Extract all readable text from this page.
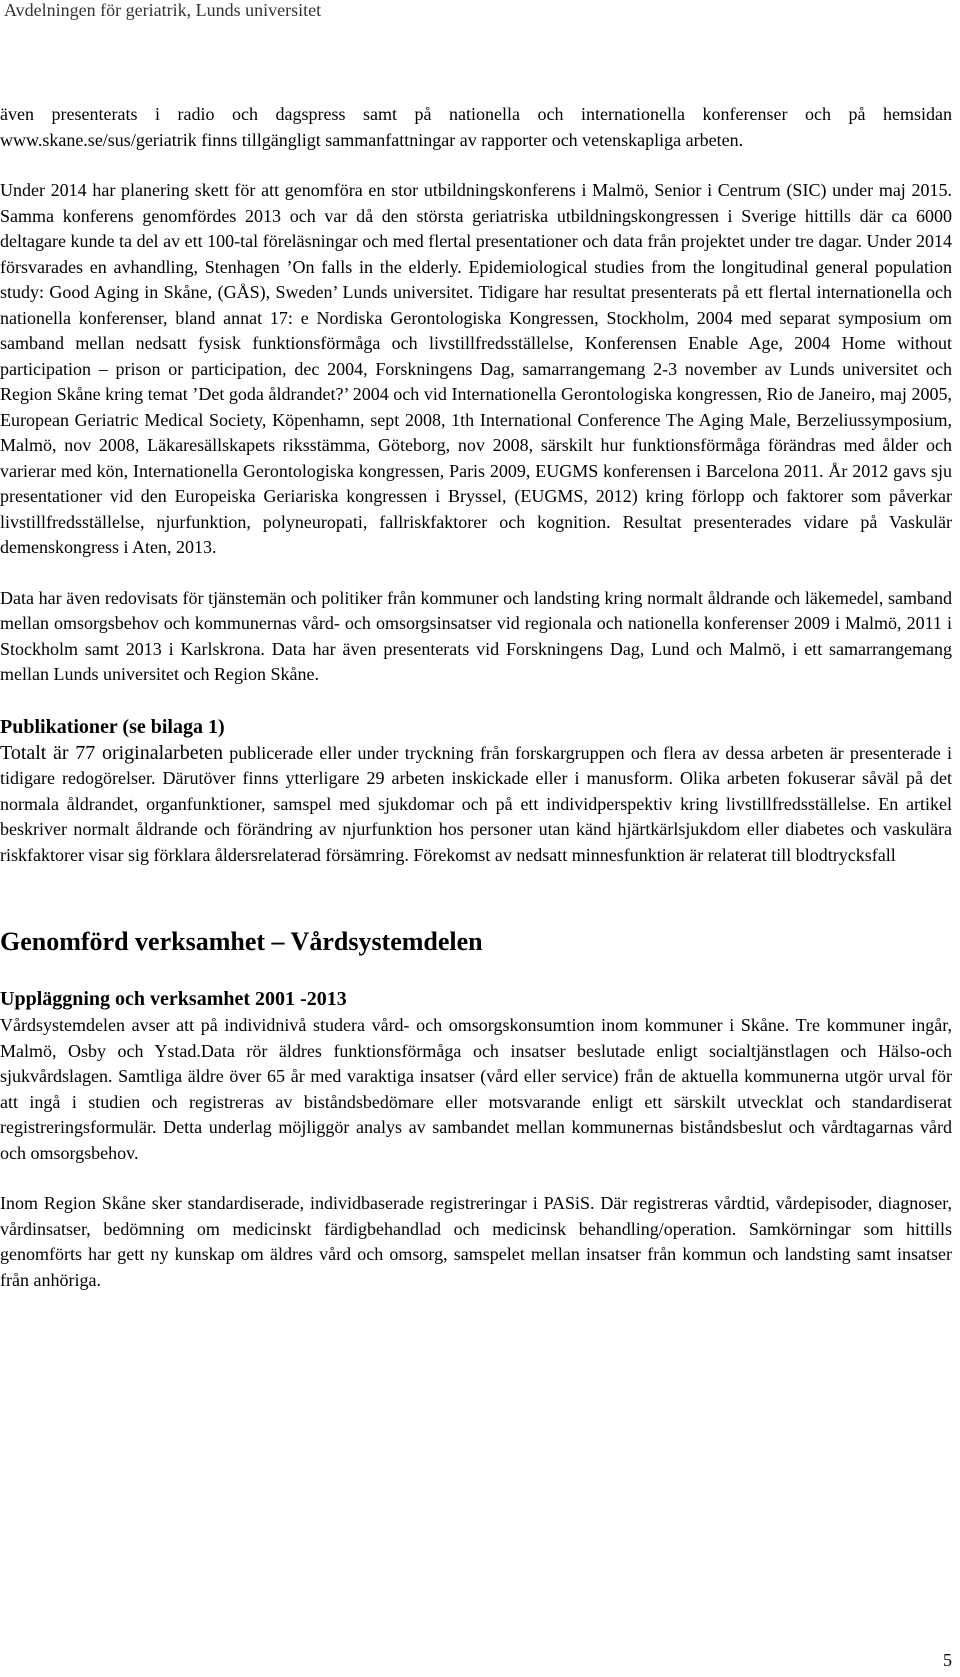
Avdelningen för geriatrik, Lunds universitet

även presenterats i radio och dagspress samt på nationella och internationella konferenser och på hemsidan www.skane.se/sus/geriatrik finns tillgängligt sammanfattningar av rapporter och vetenskapliga arbeten.

Under 2014 har planering skett för att genomföra en stor utbildningskonferens i Malmö, Senior i Centrum (SIC) under maj 2015. Samma konferens genomfördes 2013 och var då den största geriatriska utbildningskongressen i Sverige hittills där ca 6000 deltagare kunde ta del av ett 100-tal föreläsningar och med flertal presentationer och data från projektet under tre dagar. Under 2014 försvarades en avhandling, Stenhagen ’On falls in the elderly. Epidemiological studies from the longitudinal general population study: Good Aging in Skåne, (GÅS), Sweden’ Lunds universitet. Tidigare har resultat presenterats på ett flertal internationella och nationella konferenser, bland annat 17: e Nordiska Gerontologiska Kongressen, Stockholm, 2004 med separat symposium om samband mellan nedsatt fysisk funktionsförmåga och livstillfredsställelse, Konferensen Enable Age, 2004 Home without participation – prison or participation, dec 2004, Forskningens Dag, samarrangemang 2-3 november av Lunds universitet och Region Skåne kring temat ’Det goda åldrandet?’ 2004 och vid Internationella Gerontologiska kongressen, Rio de Janeiro, maj 2005, European Geriatric Medical Society, Köpenhamn, sept 2008, 1th International Conference The Aging Male, Berzeliussymposium, Malmö, nov 2008, Läkaresällskapets riksstämma, Göteborg, nov 2008, särskilt hur funktionsförmåga förändras med ålder och varierar med kön, Internationella Gerontologiska kongressen, Paris 2009, EUGMS konferensen i Barcelona 2011. År 2012 gavs sju presentationer vid den Europeiska Geriariska kongressen i Bryssel, (EUGMS, 2012) kring förlopp och faktorer som påverkar livstillfredsställelse, njurfunktion, polyneuropati, fallriskfaktorer och kognition. Resultat presenterades vidare på Vaskulär demenskongress i Aten, 2013.

Data har även redovisats för tjänstemän och politiker från kommuner och landsting kring normalt åldrande och läkemedel, samband mellan omsorgsbehov och kommunernas vård- och omsorgsinsatser vid regionala och nationella konferenser 2009 i Malmö, 2011 i Stockholm samt 2013 i Karlskrona. Data har även presenterats vid Forskningens Dag, Lund och Malmö, i ett samarrangemang mellan Lunds universitet och Region Skåne.

Publikationer (se bilaga 1)

Totalt är 77 originalarbeten publicerade eller under tryckning från forskargruppen och flera av dessa arbeten är presenterade i tidigare redogörelser. Därutöver finns ytterligare 29 arbeten inskickade eller i manusform. Olika arbeten fokuserar såväl på det normala åldrandet, organfunktioner, samspel med sjukdomar och på ett individperspektiv kring livstillfredsställelse. En artikel beskriver normalt åldrande och förändring av njurfunktion hos personer utan känd hjärtkärlsjukdom eller diabetes och vaskulära riskfaktorer visar sig förklara åldersrelaterad försämring. Förekomst av nedsatt minnesfunktion är relaterat till blodtrycksfall

Genomförd verksamhet – Vårdsystemdelen
Uppläggning och verksamhet 2001 -2013

Vårdsystemdelen avser att på individnivå studera vård- och omsorgskonsumtion inom kommuner i Skåne. Tre kommuner ingår, Malmö, Osby och Ystad.Data rör äldres funktionsförmåga och insatser beslutade enligt socialtjänstlagen och Hälso-och sjukvårdslagen. Samtliga äldre över 65 år med varaktiga insatser (vård eller service) från de aktuella kommunerna utgör urval för att ingå i studien och registreras av biståndsbedömare eller motsvarande enligt ett särskilt utvecklat och standardiserat registreringsformulär. Detta underlag möjliggör analys av sambandet mellan kommunernas biståndsbeslut och vårdtagarnas vård och omsorgsbehov.

Inom Region Skåne sker standardiserade, individbaserade registreringar i PASiS. Där registreras vårdtid, vårdepisoder, diagnoser, vårdinsatser, bedömning om medicinskt färdigbehandlad och medicinsk behandling/operation. Samkörningar som hittills genomförts har gett ny kunskap om äldres vård och omsorg, samspelet mellan insatser från kommun och landsting samt insatser från anhöriga.

5
